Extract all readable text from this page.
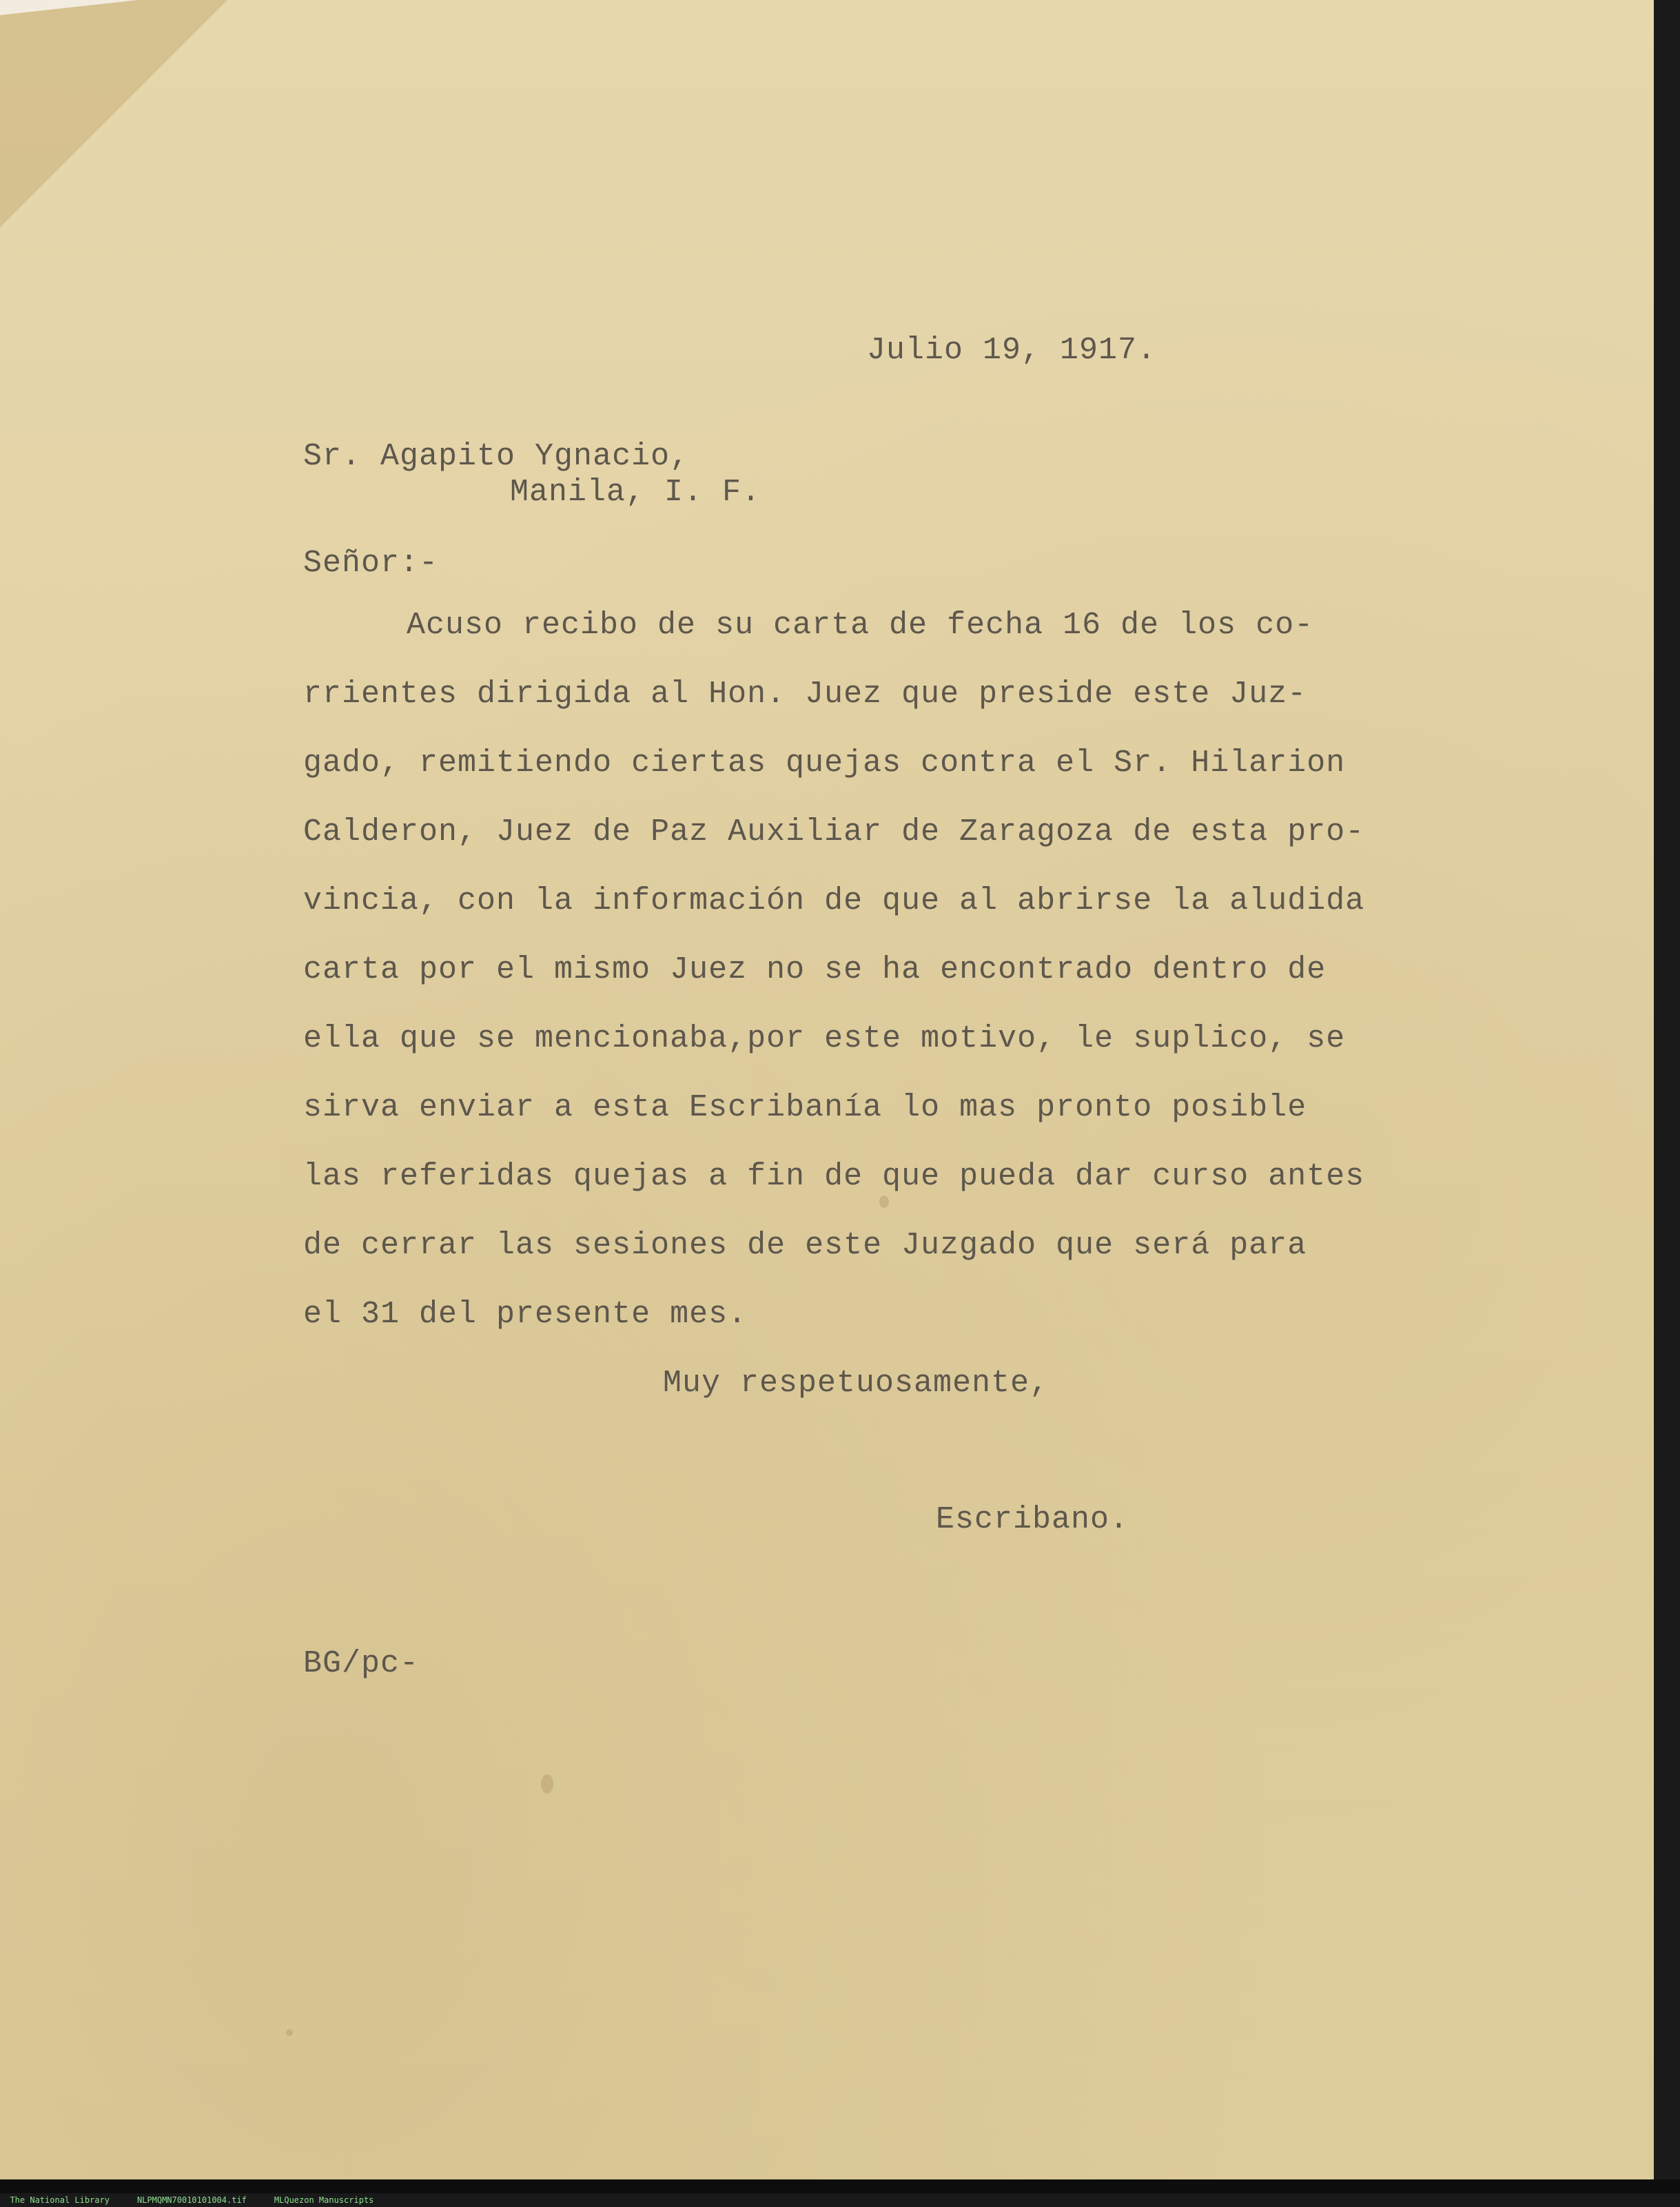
Julio 19, 1917.
Sr. Agapito Ygnacio,
Manila, I. F.
Señor:-
Acuso recibo de su carta de fecha 16 de los co-
rrientes dirigida al Hon. Juez que preside este Juz-
gado, remitiendo ciertas quejas contra el Sr. Hilarion
Calderon, Juez de Paz Auxiliar de Zaragoza de esta pro-
vincia, con la información de que al abrirse la aludida
carta por el mismo Juez no se ha encontrado dentro de
ella que se mencionaba,por este motivo, le suplico, se
sirva enviar a esta Escribanía lo mas pronto posible
las referidas quejas a fin de que pueda dar curso antes
de cerrar las sesiones de este Juzgado que será para
el 31 del presente mes.
Muy respetuosamente,
Escribano.
BG/pc-

The National Library	NLPMQMN70010101004.tif	MLQuezon Manuscripts
